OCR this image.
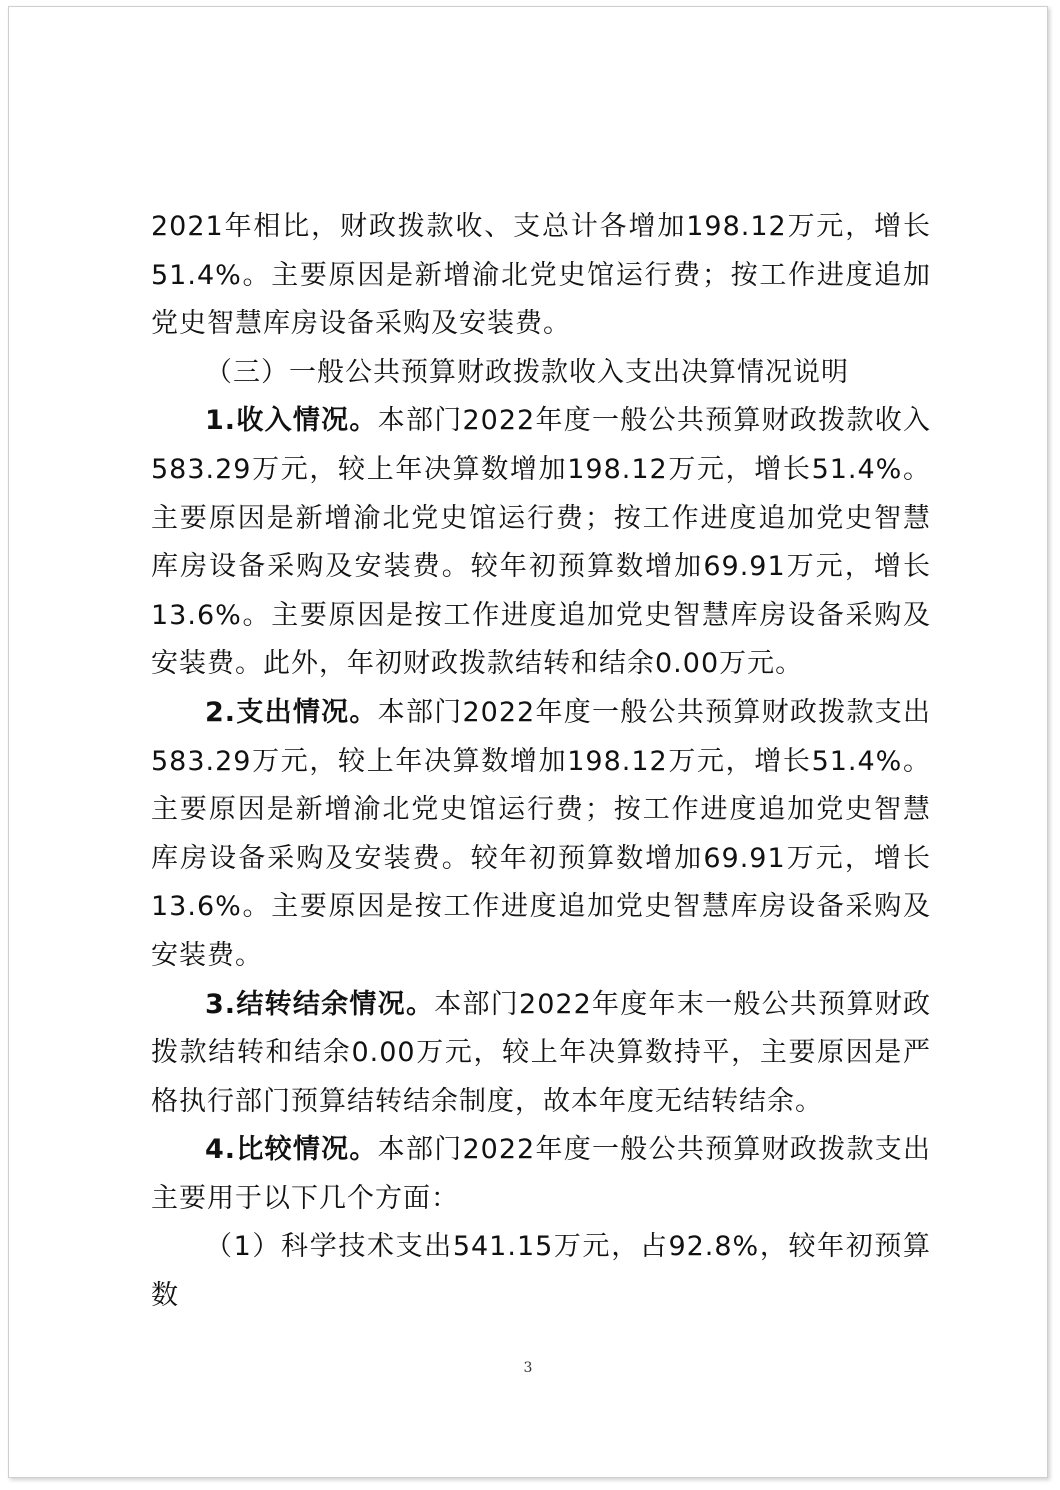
2021年相比，财政拨款收、支总计各增加198.12万元，增长51.4%。主要原因是新增渝北党史馆运行费；按工作进度追加党史智慧库房设备采购及安装费。

（三）一般公共预算财政拨款收入支出决算情况说明

1.收入情况。本部门2022年度一般公共预算财政拨款收入583.29万元，较上年决算数增加198.12万元，增长51.4%。主要原因是新增渝北党史馆运行费；按工作进度追加党史智慧库房设备采购及安装费。较年初预算数增加69.91万元，增长13.6%。主要原因是按工作进度追加党史智慧库房设备采购及安装费。此外，年初财政拨款结转和结余0.00万元。

2.支出情况。本部门2022年度一般公共预算财政拨款支出583.29万元，较上年决算数增加198.12万元，增长51.4%。主要原因是新增渝北党史馆运行费；按工作进度追加党史智慧库房设备采购及安装费。较年初预算数增加69.91万元，增长13.6%。主要原因是按工作进度追加党史智慧库房设备采购及安装费。

3.结转结余情况。本部门2022年度年末一般公共预算财政拨款结转和结余0.00万元，较上年决算数持平，主要原因是严格执行部门预算结转结余制度，故本年度无结转结余。

4.比较情况。本部门2022年度一般公共预算财政拨款支出主要用于以下几个方面：

（1）科学技术支出541.15万元，占92.8%，较年初预算数

3
